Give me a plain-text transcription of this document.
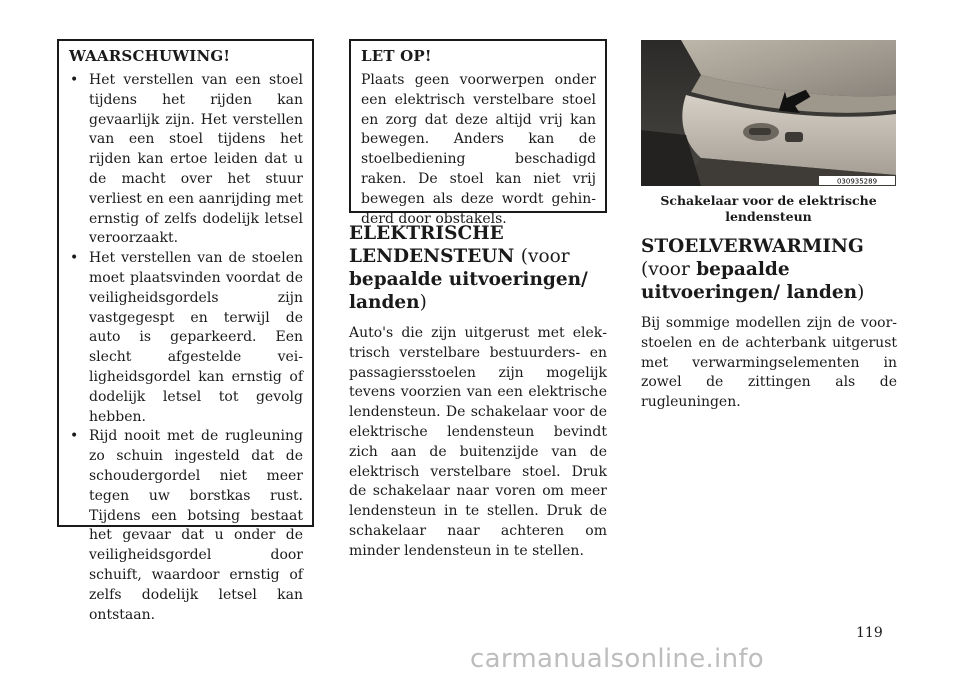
WAARSCHUWING!
• Het verstellen van een stoel tijdens het rijden kan gevaarlijk zijn. Het verstellen van een stoel tijdens het rijden kan ertoe leiden dat u de macht over het stuur verliest en een aanrijding met ernstig of zelfs dodelijk letsel veroorzaakt.
• Het verstellen van de stoelen moet plaatsvinden voordat de veiligheidsgordels zijn vastgegespt en terwijl de auto is geparkeerd. Een slecht afgestelde veiligheidsgordel kan ernstig of dodelijk letsel tot gevolg hebben.
• Rijd nooit met de rugleuning zo schuin ingesteld dat de schoudergordel niet meer tegen uw borstkas rust. Tijdens een botsing bestaat het gevaar dat u onder de veiligheidsgordel door schuift, waardoor ernstig of zelfs dodelijk letsel kan ontstaan.
LET OP!

Plaats geen voorwerpen onder een elektrisch verstelbare stoel en zorg dat deze altijd vrij kan bewegen. Anders kan de stoelbediening beschadigd raken. De stoel kan niet vrij bewegen als deze wordt gehinderd door obstakels.

ELEKTRISCHE LENDENSTEUN (voor bepaalde uitvoeringen/ landen)

Auto's die zijn uitgerust met elektrisch verstelbare bestuurders- en passagiersstoelen zijn mogelijk tevens voorzien van een elektrische lendensteun. De schakelaar voor de elektrische lendensteun bevindt zich aan de buitenzijde van de elektrisch verstelbare stoel. Druk de schakelaar naar voren om meer lendensteun in te stellen. Druk de schakelaar naar achteren om minder lendensteun in te stellen.

030935289
Schakelaar voor de elektrische lendensteun
STOELVERWARMING (voor bepaalde uitvoeringen/ landen)

Bij sommige modellen zijn de voorstoelen en de achterbank uitgerust met verwarmingselementen in zowel de zittingen als de rugleuningen.

119
carmanualsonline.info
